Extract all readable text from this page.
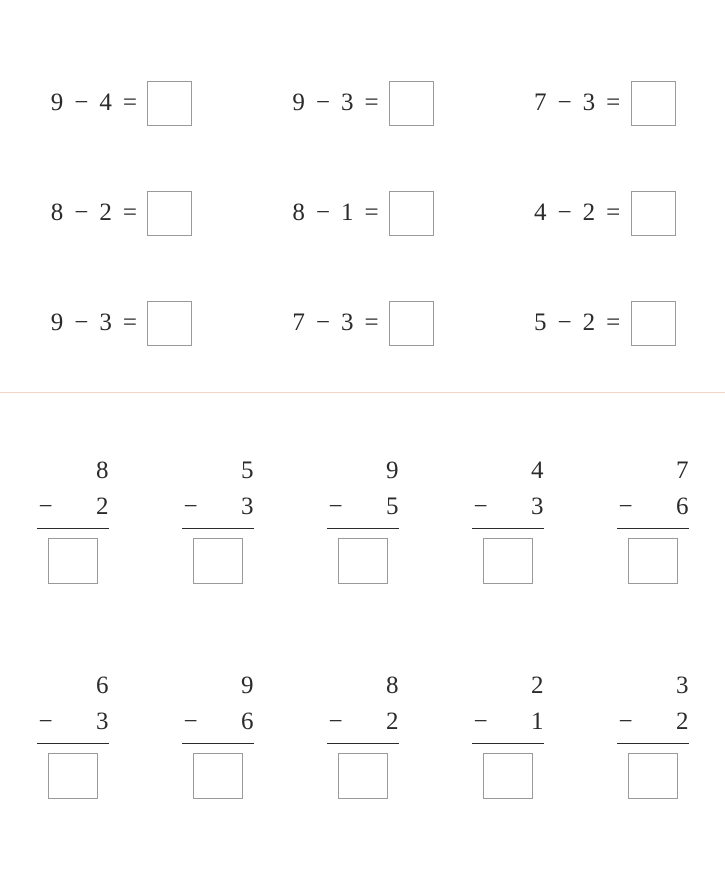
9 − 4 =	9 − 3 =	7 − 3 =
8 − 2 =	8 − 1 =	4 − 2 =
9 − 3 =	7 − 3 =	5 − 2 =
8
− 2
5
− 3
9
− 5
4
− 3
7
− 6
6
− 3
9
− 6
8
− 2
2
− 1
3
− 2
